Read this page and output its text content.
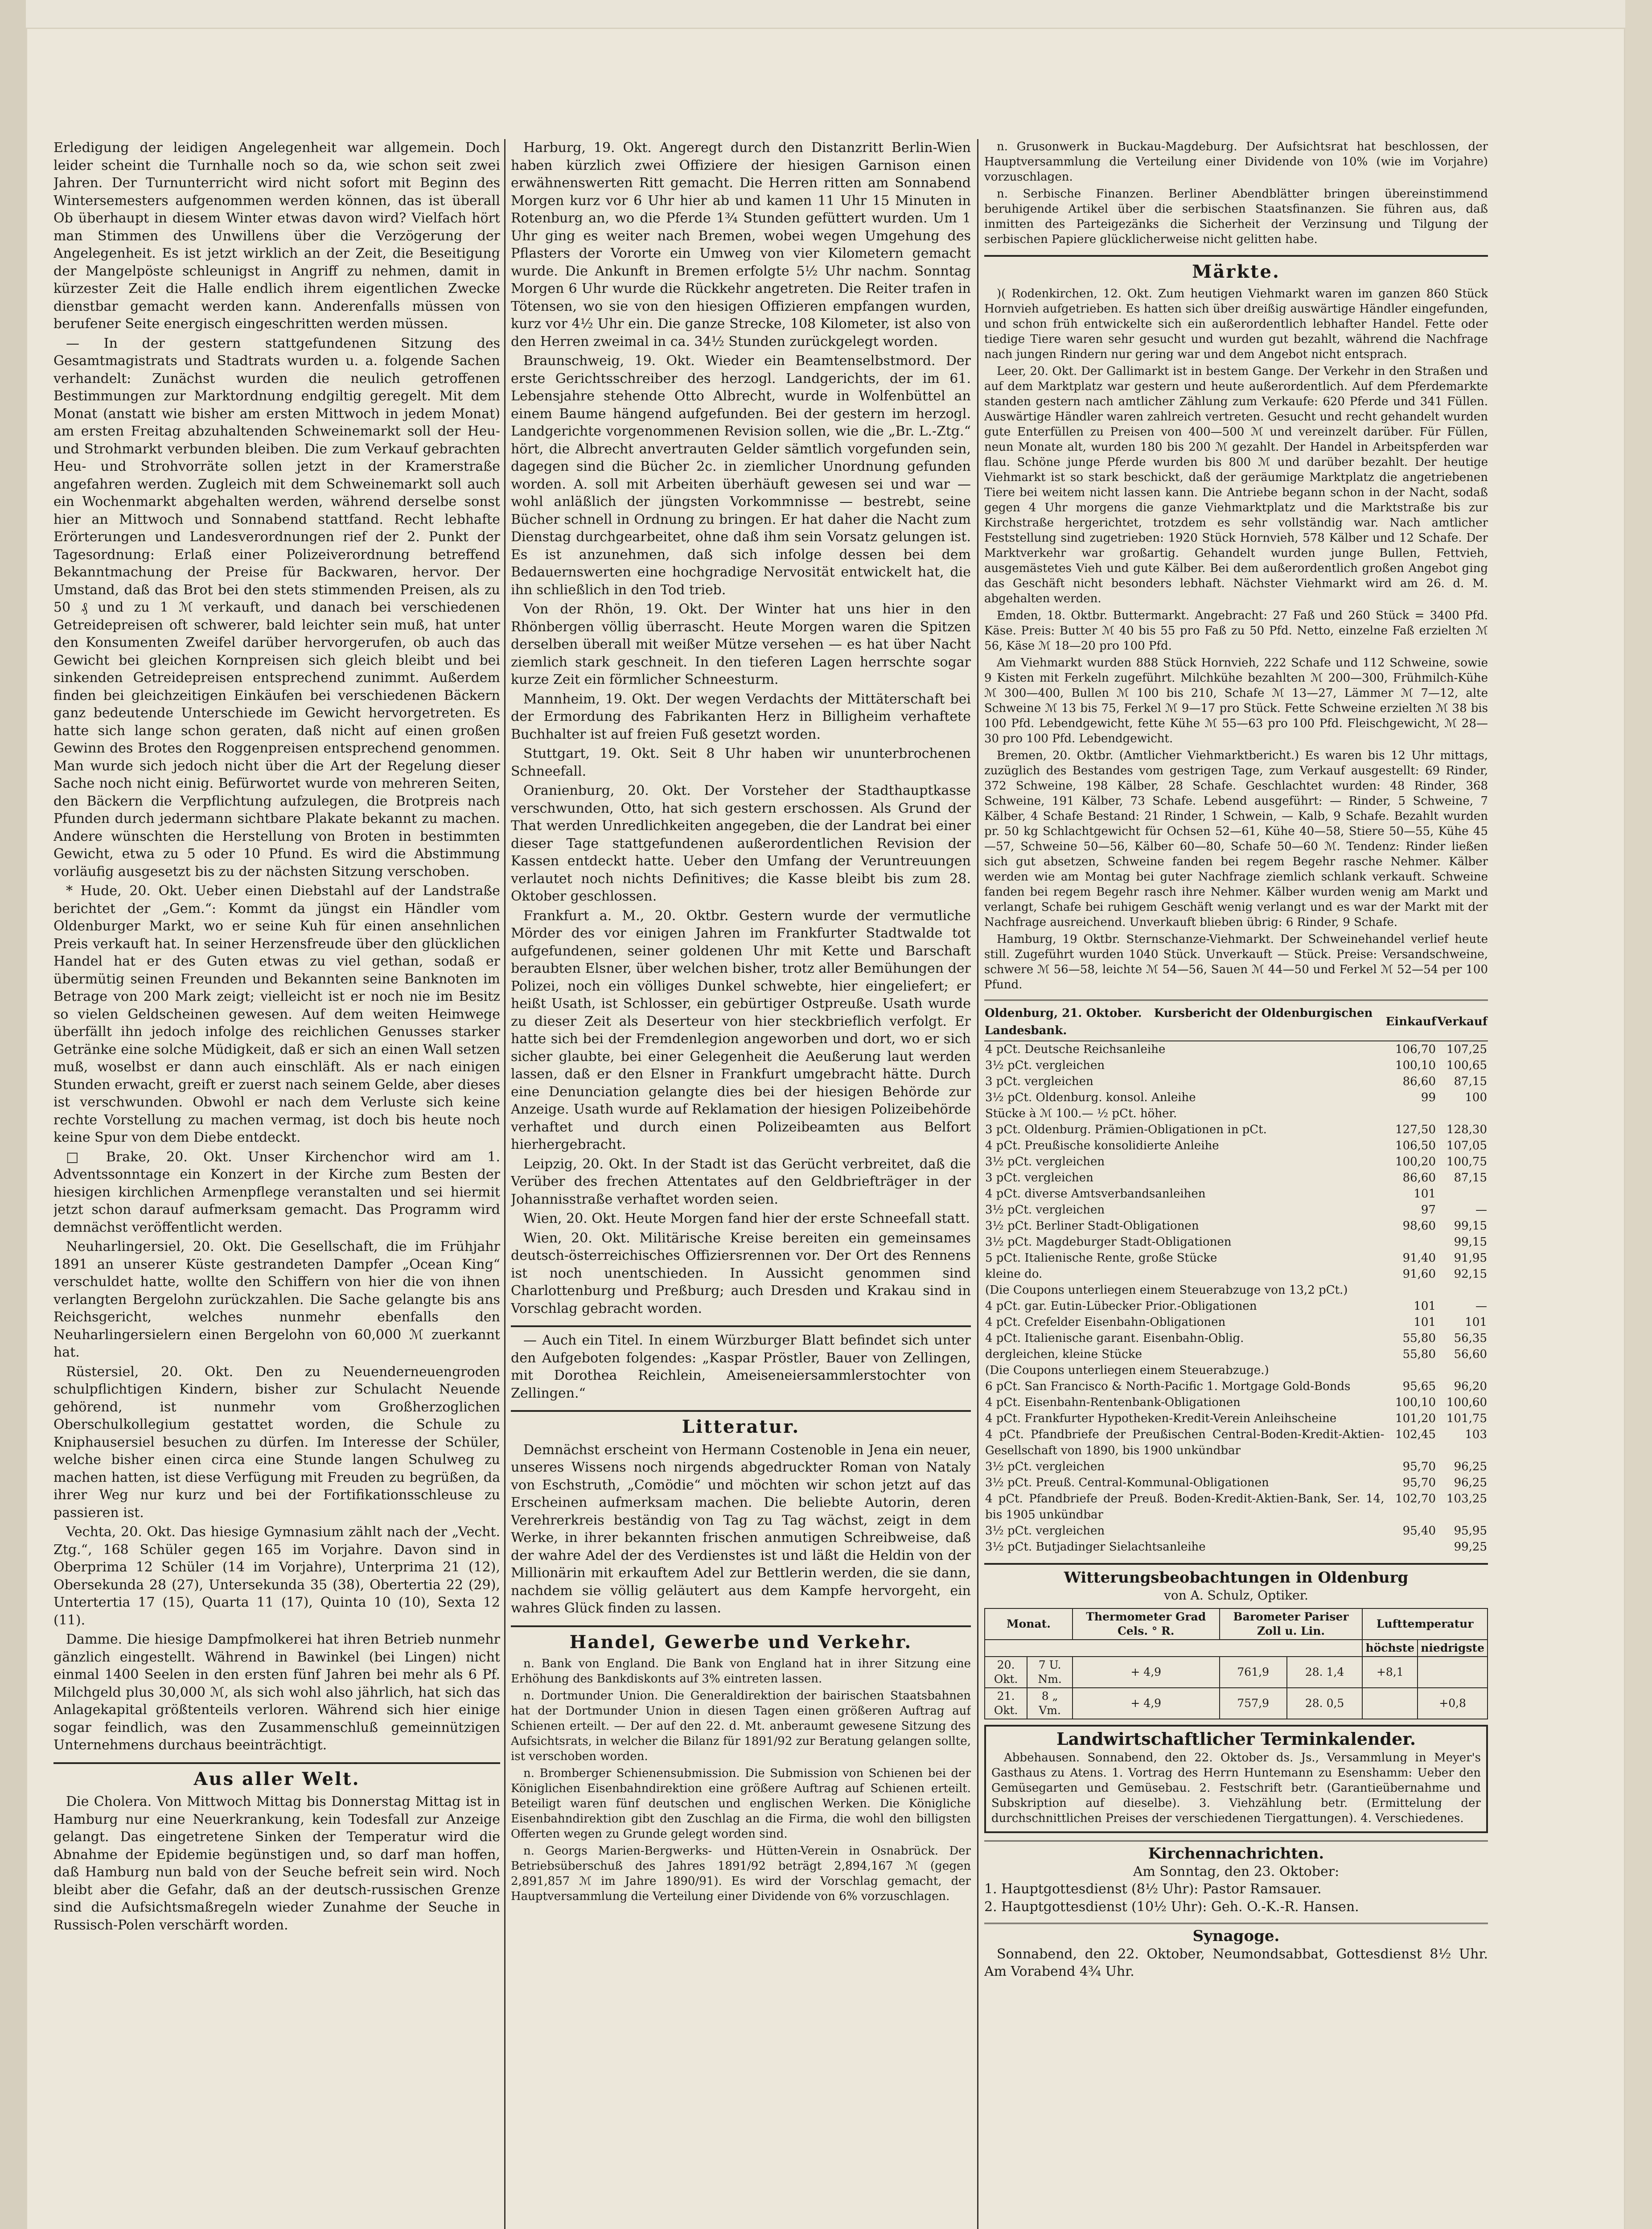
Erledigung der leidigen Angelegenheit war allgemein. Doch leider scheint die Turnhalle noch so da, wie schon seit zwei Jahren. Der Turnunterricht wird nicht sofort mit Beginn des Wintersemesters aufgenommen werden können, das ist überall Ob überhaupt in diesem Winter etwas davon wird? Vielfach hört man Stimmen des Unwillens über die Verzögerung der Angelegenheit. Es ist jetzt wirklich an der Zeit, die Beseitigung der Mangelpöste schleunigst in Angriff zu nehmen, damit in kürzester Zeit die Halle endlich ihrem eigentlichen Zwecke dienstbar gemacht werden kann. Anderenfalls müssen von berufener Seite energisch eingeschritten werden müssen.

— In der gestern stattgefundenen Sitzung des Gesamtmagistrats und Stadtrats wurden u. a. folgende Sachen verhandelt: Zunächst wurden die neulich getroffenen Bestimmungen zur Marktordnung endgiltig geregelt. Mit dem Monat (anstatt wie bisher am ersten Mittwoch in jedem Monat) am ersten Freitag abzuhaltenden Schweinemarkt soll der Heu- und Strohmarkt verbunden bleiben. Die zum Verkauf gebrachten Heu- und Strohvorräte sollen jetzt in der Kramerstraße angefahren werden. Zugleich mit dem Schweinemarkt soll auch ein Wochenmarkt abgehalten werden, während derselbe sonst hier an Mittwoch und Sonnabend stattfand. Recht lebhafte Erörterungen und Landesverordnungen rief der 2. Punkt der Tagesordnung: Erlaß einer Polizeiverordnung betreffend Bekanntmachung der Preise für Backwaren, hervor. Der Umstand, daß das Brot bei den stets stimmenden Preisen, als zu 50 ₰ und zu 1 ℳ verkauft, und danach bei verschiedenen Getreidepreisen oft schwerer, bald leichter sein muß, hat unter den Konsumenten Zweifel darüber hervorgerufen, ob auch das Gewicht bei gleichen Kornpreisen sich gleich bleibt und bei sinkenden Getreidepreisen entsprechend zunimmt. Außerdem finden bei gleichzeitigen Einkäufen bei verschiedenen Bäckern ganz bedeutende Unterschiede im Gewicht hervorgetreten. Es hatte sich lange schon geraten, daß nicht auf einen großen Gewinn des Brotes den Roggenpreisen entsprechend genommen. Man wurde sich jedoch nicht über die Art der Regelung dieser Sache noch nicht einig. Befürwortet wurde von mehreren Seiten, den Bäckern die Verpflichtung aufzulegen, die Brotpreis nach Pfunden durch jedermann sichtbare Plakate bekannt zu machen. Andere wünschten die Herstellung von Broten in bestimmten Gewicht, etwa zu 5 oder 10 Pfund. Es wird die Abstimmung vorläufig ausgesetzt bis zu der nächsten Sitzung verschoben.

* Hude, 20. Okt. Ueber einen Diebstahl auf der Landstraße berichtet der „Gem.“: Kommt da jüngst ein Händler vom Oldenburger Markt, wo er seine Kuh für einen ansehnlichen Preis verkauft hat. In seiner Herzensfreude über den glücklichen Handel hat er des Guten etwas zu viel gethan, sodaß er übermütig seinen Freunden und Bekannten seine Banknoten im Betrage von 200 Mark zeigt; vielleicht ist er noch nie im Besitz so vielen Geldscheinen gewesen. Auf dem weiten Heimwege überfällt ihn jedoch infolge des reichlichen Genusses starker Getränke eine solche Müdigkeit, daß er sich an einen Wall setzen muß, woselbst er dann auch einschläft. Als er nach einigen Stunden erwacht, greift er zuerst nach seinem Gelde, aber dieses ist verschwunden. Obwohl er nach dem Verluste sich keine rechte Vorstellung zu machen vermag, ist doch bis heute noch keine Spur von dem Diebe entdeckt.

□ Brake, 20. Okt. Unser Kirchenchor wird am 1. Adventssonntage ein Konzert in der Kirche zum Besten der hiesigen kirchlichen Armenpflege veranstalten und sei hiermit jetzt schon darauf aufmerksam gemacht. Das Programm wird demnächst veröffentlicht werden.

Neuharlingersiel, 20. Okt. Die Gesellschaft, die im Frühjahr 1891 an unserer Küste gestrandeten Dampfer „Ocean King“ verschuldet hatte, wollte den Schiffern von hier die von ihnen verlangten Bergelohn zurückzahlen. Die Sache gelangte bis ans Reichsgericht, welches nunmehr ebenfalls den Neuharlingersielern einen Bergelohn von 60,000 ℳ zuerkannt hat.

Rüstersiel, 20. Okt. Den zu Neuenderneuengroden schulpflichtigen Kindern, bisher zur Schulacht Neuende gehörend, ist nunmehr vom Großherzoglichen Oberschulkollegium gestattet worden, die Schule zu Kniphausersiel besuchen zu dürfen. Im Interesse der Schüler, welche bisher einen circa eine Stunde langen Schulweg zu machen hatten, ist diese Verfügung mit Freuden zu begrüßen, da ihrer Weg nur kurz und bei der Fortifikationsschleuse zu passieren ist.

Vechta, 20. Okt. Das hiesige Gymnasium zählt nach der „Vecht. Ztg.“, 168 Schüler gegen 165 im Vorjahre. Davon sind in Oberprima 12 Schüler (14 im Vorjahre), Unterprima 21 (12), Obersekunda 28 (27), Untersekunda 35 (38), Obertertia 22 (29), Untertertia 17 (15), Quarta 11 (17), Quinta 10 (10), Sexta 12 (11).

Damme. Die hiesige Dampfmolkerei hat ihren Betrieb nunmehr gänzlich eingestellt. Während in Bawinkel (bei Lingen) nicht einmal 1400 Seelen in den ersten fünf Jahren bei mehr als 6 Pf. Milchgeld plus 30,000 ℳ, als sich wohl also jährlich, hat sich das Anlagekapital größtenteils verloren. Während sich hier einige sogar feindlich, was den Zusammenschluß gemeinnützigen Unternehmens durchaus beeinträchtigt.

Aus aller Welt.

Die Cholera. Von Mittwoch Mittag bis Donnerstag Mittag ist in Hamburg nur eine Neuerkrankung, kein Todesfall zur Anzeige gelangt. Das eingetretene Sinken der Temperatur wird die Abnahme der Epidemie begünstigen und, so darf man hoffen, daß Hamburg nun bald von der Seuche befreit sein wird. Noch bleibt aber die Gefahr, daß an der deutsch-russischen Grenze sind die Aufsichtsmaßregeln wieder Zunahme der Seuche in Russisch-Polen verschärft worden.

Harburg, 19. Okt. Angeregt durch den Distanzritt Berlin-Wien haben kürzlich zwei Offiziere der hiesigen Garnison einen erwähnenswerten Ritt gemacht. Die Herren ritten am Sonnabend Morgen kurz vor 6 Uhr hier ab und kamen 11 Uhr 15 Minuten in Rotenburg an, wo die Pferde 1¾ Stunden gefüttert wurden. Um 1 Uhr ging es weiter nach Bremen, wobei wegen Umgehung des Pflasters der Vororte ein Umweg von vier Kilometern gemacht wurde. Die Ankunft in Bremen erfolgte 5½ Uhr nachm. Sonntag Morgen 6 Uhr wurde die Rückkehr angetreten. Die Reiter trafen in Tötensen, wo sie von den hiesigen Offizieren empfangen wurden, kurz vor 4½ Uhr ein. Die ganze Strecke, 108 Kilometer, ist also von den Herren zweimal in ca. 34½ Stunden zurückgelegt worden.

Braunschweig, 19. Okt. Wieder ein Beamtenselbstmord. Der erste Gerichtsschreiber des herzogl. Landgerichts, der im 61. Lebensjahre stehende Otto Albrecht, wurde in Wolfenbüttel an einem Baume hängend aufgefunden. Bei der gestern im herzogl. Landgerichte vorgenommenen Revision sollen, wie die „Br. L.-Ztg.“ hört, die Albrecht anvertrauten Gelder sämtlich vorgefunden sein, dagegen sind die Bücher 2c. in ziemlicher Unordnung gefunden worden. A. soll mit Arbeiten überhäuft gewesen sei und war — wohl anläßlich der jüngsten Vorkommnisse — bestrebt, seine Bücher schnell in Ordnung zu bringen. Er hat daher die Nacht zum Dienstag durchgearbeitet, ohne daß ihm sein Vorsatz gelungen ist. Es ist anzunehmen, daß sich infolge dessen bei dem Bedauernswerten eine hochgradige Nervosität entwickelt hat, die ihn schließlich in den Tod trieb.

Von der Rhön, 19. Okt. Der Winter hat uns hier in den Rhönbergen völlig überrascht. Heute Morgen waren die Spitzen derselben überall mit weißer Mütze versehen — es hat über Nacht ziemlich stark geschneit. In den tieferen Lagen herrschte sogar kurze Zeit ein förmlicher Schneesturm.

Mannheim, 19. Okt. Der wegen Verdachts der Mittäterschaft bei der Ermordung des Fabrikanten Herz in Billigheim verhaftete Buchhalter ist auf freien Fuß gesetzt worden.

Stuttgart, 19. Okt. Seit 8 Uhr haben wir ununterbrochenen Schneefall.

Oranienburg, 20. Okt. Der Vorsteher der Stadthauptkasse verschwunden, Otto, hat sich gestern erschossen. Als Grund der That werden Unredlichkeiten angegeben, die der Landrat bei einer dieser Tage stattgefundenen außerordentlichen Revision der Kassen entdeckt hatte. Ueber den Umfang der Veruntreuungen verlautet noch nichts Definitives; die Kasse bleibt bis zum 28. Oktober geschlossen.

Frankfurt a. M., 20. Oktbr. Gestern wurde der vermutliche Mörder des vor einigen Jahren im Frankfurter Stadtwalde tot aufgefundenen, seiner goldenen Uhr mit Kette und Barschaft beraubten Elsner, über welchen bisher, trotz aller Bemühungen der Polizei, noch ein völliges Dunkel schwebte, hier eingeliefert; er heißt Usath, ist Schlosser, ein gebürtiger Ostpreuße. Usath wurde zu dieser Zeit als Deserteur von hier steckbrieflich verfolgt. Er hatte sich bei der Fremdenlegion angeworben und dort, wo er sich sicher glaubte, bei einer Gelegenheit die Aeußerung laut werden lassen, daß er den Elsner in Frankfurt umgebracht hätte. Durch eine Denunciation gelangte dies bei der hiesigen Behörde zur Anzeige. Usath wurde auf Reklamation der hiesigen Polizeibehörde verhaftet und durch einen Polizeibeamten aus Belfort hierhergebracht.

Leipzig, 20. Okt. In der Stadt ist das Gerücht verbreitet, daß die Verüber des frechen Attentates auf den Geldbriefträger in der Johannisstraße verhaftet worden seien.

Wien, 20. Okt. Heute Morgen fand hier der erste Schneefall statt.

Wien, 20. Okt. Militärische Kreise bereiten ein gemeinsames deutsch-österreichisches Offiziersrennen vor. Der Ort des Rennens ist noch unentschieden. In Aussicht genommen sind Charlottenburg und Preßburg; auch Dresden und Krakau sind in Vorschlag gebracht worden.

— Auch ein Titel. In einem Würzburger Blatt befindet sich unter den Aufgeboten folgendes: „Kaspar Pröstler, Bauer von Zellingen, mit Dorothea Reichlein, Ameiseneiersammlerstochter von Zellingen.“

Litteratur.

Demnächst erscheint von Hermann Costenoble in Jena ein neuer, unseres Wissens noch nirgends abgedruckter Roman von Nataly von Eschstruth, „Comödie“ und möchten wir schon jetzt auf das Erscheinen aufmerksam machen. Die beliebte Autorin, deren Verehrerkreis beständig von Tag zu Tag wächst, zeigt in dem Werke, in ihrer bekannten frischen anmutigen Schreibweise, daß der wahre Adel der des Verdienstes ist und läßt die Heldin von der Millionärin mit erkauftem Adel zur Bettlerin werden, die sie dann, nachdem sie völlig geläutert aus dem Kampfe hervorgeht, ein wahres Glück finden zu lassen.

Handel, Gewerbe und Verkehr.

n. Bank von England. Die Bank von England hat in ihrer Sitzung eine Erhöhung des Bankdiskonts auf 3% eintreten lassen.

n. Dortmunder Union. Die Generaldirektion der bairischen Staatsbahnen hat der Dortmunder Union in diesen Tagen einen größeren Auftrag auf Schienen erteilt. — Der auf den 22. d. Mt. anberaumt gewesene Sitzung des Aufsichtsrats, in welcher die Bilanz für 1891/92 zur Beratung gelangen sollte, ist verschoben worden.

n. Bromberger Schienensubmission. Die Submission von Schienen bei der Königlichen Eisenbahndirektion eine größere Auftrag auf Schienen erteilt. Beteiligt waren fünf deutschen und englischen Werken. Die Königliche Eisenbahndirektion gibt den Zuschlag an die Firma, die wohl den billigsten Offerten wegen zu Grunde gelegt worden sind.

n. Georgs Marien-Bergwerks- und Hütten-Verein in Osnabrück. Der Betriebsüberschuß des Jahres 1891/92 beträgt 2,894,167 ℳ (gegen 2,891,857 ℳ im Jahre 1890/91). Es wird der Vorschlag gemacht, der Hauptversammlung die Verteilung einer Dividende von 6% vorzuschlagen.

n. Grusonwerk in Buckau-Magdeburg. Der Aufsichtsrat hat beschlossen, der Hauptversammlung die Verteilung einer Dividende von 10% (wie im Vorjahre) vorzuschlagen.

n. Serbische Finanzen. Berliner Abendblätter bringen übereinstimmend beruhigende Artikel über die serbischen Staatsfinanzen. Sie führen aus, daß inmitten des Parteigezänks die Sicherheit der Verzinsung und Tilgung der serbischen Papiere glücklicherweise nicht gelitten habe.

Märkte.

)( Rodenkirchen, 12. Okt. Zum heutigen Viehmarkt waren im ganzen 860 Stück Hornvieh aufgetrieben. Es hatten sich über dreißig auswärtige Händler eingefunden, und schon früh entwickelte sich ein außerordentlich lebhafter Handel. Fette oder tiedige Tiere waren sehr gesucht und wurden gut bezahlt, während die Nachfrage nach jungen Rindern nur gering war und dem Angebot nicht entsprach.

Leer, 20. Okt. Der Gallimarkt ist in bestem Gange. Der Verkehr in den Straßen und auf dem Marktplatz war gestern und heute außerordentlich. Auf dem Pferdemarkte standen gestern nach amtlicher Zählung zum Verkaufe: 620 Pferde und 341 Füllen. Auswärtige Händler waren zahlreich vertreten. Gesucht und recht gehandelt wurden gute Enterfüllen zu Preisen von 400—500 ℳ und vereinzelt darüber. Für Füllen, neun Monate alt, wurden 180 bis 200 ℳ gezahlt. Der Handel in Arbeitspferden war flau. Schöne junge Pferde wurden bis 800 ℳ und darüber bezahlt. Der heutige Viehmarkt ist so stark beschickt, daß der geräumige Marktplatz die angetriebenen Tiere bei weitem nicht lassen kann. Die Antriebe begann schon in der Nacht, sodaß gegen 4 Uhr morgens die ganze Viehmarktplatz und die Marktstraße bis zur Kirchstraße hergerichtet, trotzdem es sehr vollständig war. Nach amtlicher Feststellung sind zugetrieben: 1920 Stück Hornvieh, 578 Kälber und 12 Schafe. Der Marktverkehr war großartig. Gehandelt wurden junge Bullen, Fettvieh, ausgemästetes Vieh und gute Kälber. Bei dem außerordentlich großen Angebot ging das Geschäft nicht besonders lebhaft. Nächster Viehmarkt wird am 26. d. M. abgehalten werden.

Emden, 18. Oktbr. Buttermarkt. Angebracht: 27 Faß und 260 Stück = 3400 Pfd. Käse. Preis: Butter ℳ 40 bis 55 pro Faß zu 50 Pfd. Netto, einzelne Faß erzielten ℳ 56, Käse ℳ 18—20 pro 100 Pfd.

Am Viehmarkt wurden 888 Stück Hornvieh, 222 Schafe und 112 Schweine, sowie 9 Kisten mit Ferkeln zugeführt. Milchkühe bezahlten ℳ 200—300, Frühmilch-Kühe ℳ 300—400, Bullen ℳ 100 bis 210, Schafe ℳ 13—27, Lämmer ℳ 7—12, alte Schweine ℳ 13 bis 75, Ferkel ℳ 9—17 pro Stück. Fette Schweine erzielten ℳ 38 bis 100 Pfd. Lebendgewicht, fette Kühe ℳ 55—63 pro 100 Pfd. Fleischgewicht, ℳ 28—30 pro 100 Pfd. Lebendgewicht.

Bremen, 20. Oktbr. (Amtlicher Viehmarktbericht.) Es waren bis 12 Uhr mittags, zuzüglich des Bestandes vom gestrigen Tage, zum Verkauf ausgestellt: 69 Rinder, 372 Schweine, 198 Kälber, 28 Schafe. Geschlachtet wurden: 48 Rinder, 368 Schweine, 191 Kälber, 73 Schafe. Lebend ausgeführt: — Rinder, 5 Schweine, 7 Kälber, 4 Schafe Bestand: 21 Rinder, 1 Schwein, — Kalb, 9 Schafe. Bezahlt wurden pr. 50 kg Schlachtgewicht für Ochsen 52—61, Kühe 40—58, Stiere 50—55, Kühe 45—57, Schweine 50—56, Kälber 60—80, Schafe 50—60 ℳ. Tendenz: Rinder ließen sich gut absetzen, Schweine fanden bei regem Begehr rasche Nehmer. Kälber werden wie am Montag bei guter Nachfrage ziemlich schlank verkauft. Schweine fanden bei regem Begehr rasch ihre Nehmer. Kälber wurden wenig am Markt und verlangt, Schafe bei ruhigem Geschäft wenig verlangt und es war der Markt mit der Nachfrage ausreichend. Unverkauft blieben übrig: 6 Rinder, 9 Schafe.

Hamburg, 19 Oktbr. Sternschanze-Viehmarkt. Der Schweinehandel verlief heute still. Zugeführt wurden 1040 Stück. Unverkauft — Stück. Preise: Versandschweine, schwere ℳ 56—58, leichte ℳ 54—56, Sauen ℳ 44—50 und Ferkel ℳ 52—54 per 100 Pfund.

Oldenburg, 21. Oktober. Kursbericht der Oldenburgischen Landesbank.	Einkauf	Verkauf
4 pCt. Deutsche Reichsanleihe	106,70	107,25
3½ pCt. vergleichen	100,10	100,65
3 pCt. vergleichen	86,60	87,15
3½ pCt. Oldenburg. konsol. Anleihe	99	100
Stücke à ℳ 100.— ½ pCt. höher.		
3 pCt. Oldenburg. Prämien-Obligationen in pCt.	127,50	128,30
4 pCt. Preußische konsolidierte Anleihe	106,50	107,05
3½ pCt. vergleichen	100,20	100,75
3 pCt. vergleichen	86,60	87,15
4 pCt. diverse Amtsverbandsanleihen	101	
3½ pCt. vergleichen	97	—
3½ pCt. Berliner Stadt-Obligationen	98,60	99,15
3½ pCt. Magdeburger Stadt-Obligationen		99,15
5 pCt. Italienische Rente, große Stücke	91,40	91,95
kleine do.	91,60	92,15
(Die Coupons unterliegen einem Steuerabzuge von 13,2 pCt.)		
4 pCt. gar. Eutin-Lübecker Prior.-Obligationen	101	—
4 pCt. Crefelder Eisenbahn-Obligationen	101	101
4 pCt. Italienische garant. Eisenbahn-Oblig.	55,80	56,35
dergleichen, kleine Stücke	55,80	56,60
(Die Coupons unterliegen einem Steuerabzuge.)		
6 pCt. San Francisco & North-Pacific 1. Mortgage Gold-Bonds	95,65	96,20
4 pCt. Eisenbahn-Rentenbank-Obligationen	100,10	100,60
4 pCt. Frankfurter Hypotheken-Kredit-Verein Anleihscheine	101,20	101,75
4 pCt. Pfandbriefe der Preußischen Central-Boden-Kredit-Aktien-Gesellschaft von 1890, bis 1900 unkündbar	102,45	103
3½ pCt. vergleichen	95,70	96,25
3½ pCt. Preuß. Central-Kommunal-Obligationen	95,70	96,25
4 pCt. Pfandbriefe der Preuß. Boden-Kredit-Aktien-Bank, Ser. 14, bis 1905 unkündbar	102,70	103,25
3½ pCt. vergleichen	95,40	95,95
3½ pCt. Butjadinger Sielachtsanleihe		99,25
Witterungsbeobachtungen in Oldenburg
von A. Schulz, Optiker.
Monat.		Thermometer Grad Cels. ° R.	Barometer Pariser Zoll u. Lin.		Lufttemperatur	
					höchste	niedrigste
20. Okt.	7 U. Nm.	+ 4,9	761,9	28. 1,4	+8,1	
21. Okt.	8 „ Vm.	+ 4,9	757,9	28. 0,5		+0,8
Landwirtschaftlicher Terminkalender.

Abbehausen. Sonnabend, den 22. Oktober ds. Js., Versammlung in Meyer's Gasthaus zu Atens. 1. Vortrag des Herrn Huntemann zu Esenshamm: Ueber den Gemüsegarten und Gemüsebau. 2. Festschrift betr. (Garantieübernahme und Subskription auf dieselbe). 3. Viehzählung betr. (Ermittelung der durchschnittlichen Preises der verschiedenen Tiergattungen). 4. Verschiedenes.

Kirchennachrichten.
Am Sonntag, den 23. Oktober:
1. Hauptgottesdienst (8½ Uhr): Pastor Ramsauer.
2. Hauptgottesdienst (10½ Uhr): Geh. O.-K.-R. Hansen.
Synagoge.

Sonnabend, den 22. Oktober, Neumondsabbat, Gottesdienst 8½ Uhr. Am Vorabend 4¾ Uhr.
